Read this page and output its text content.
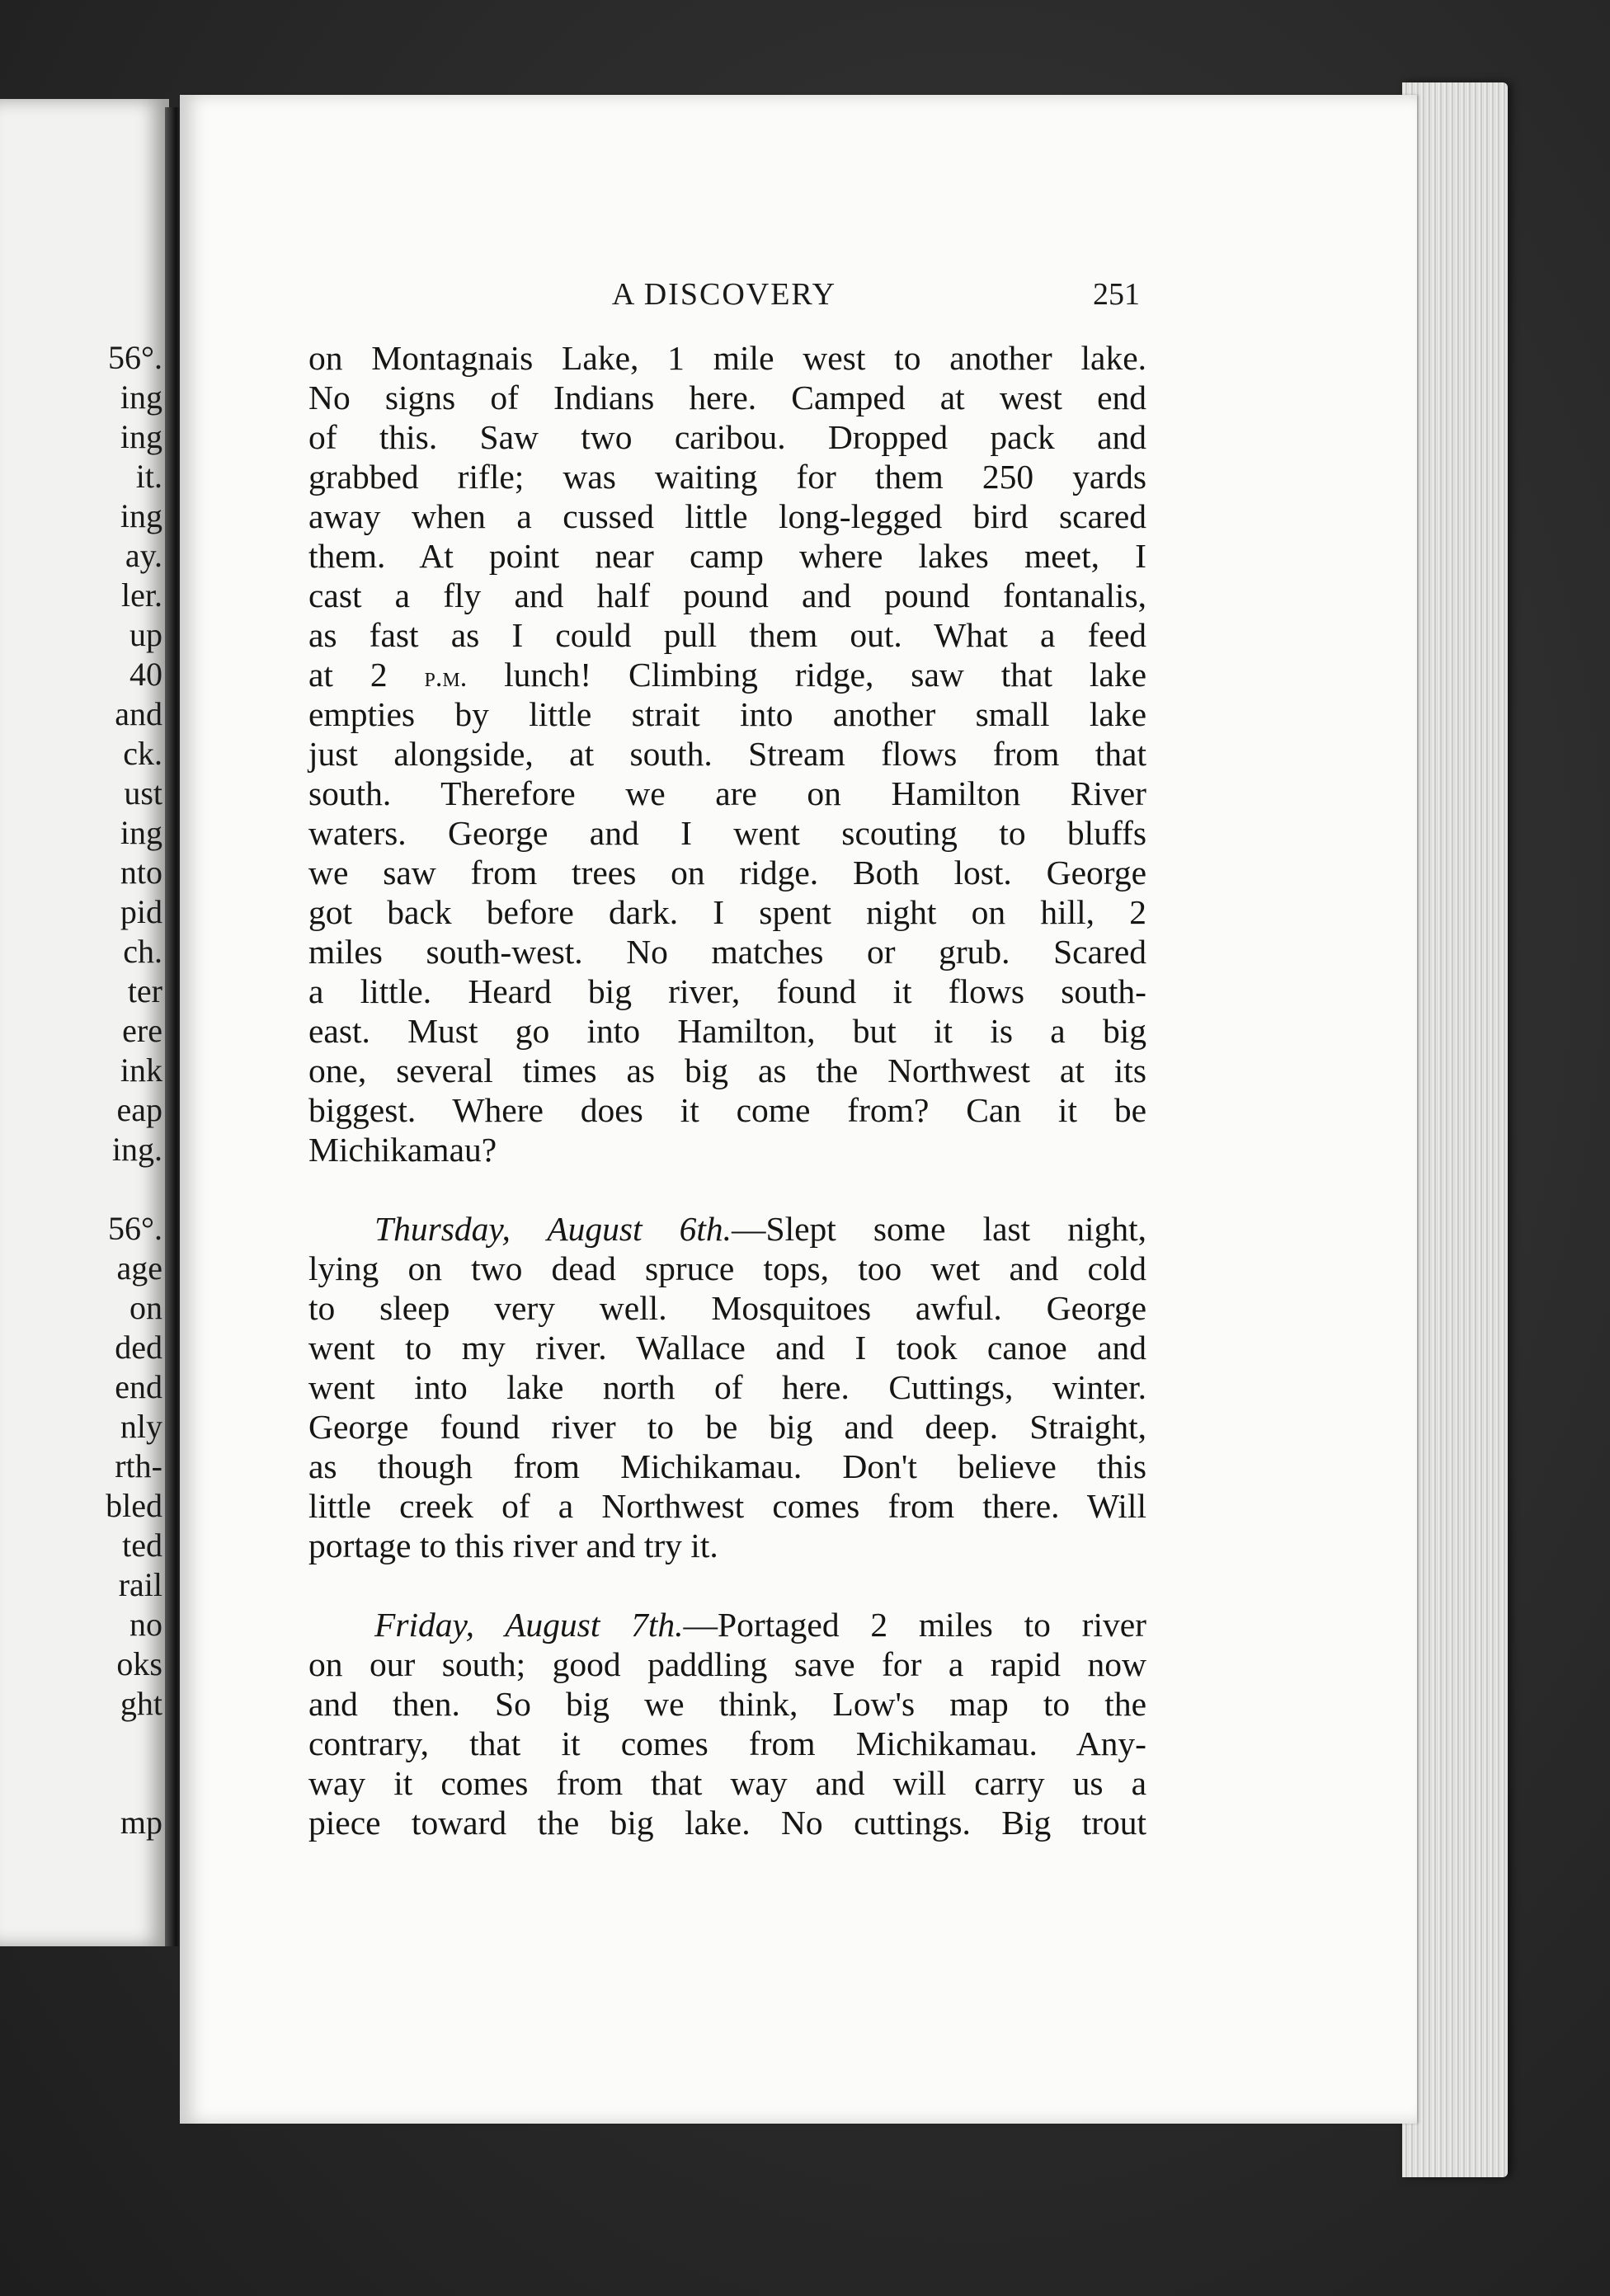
56°.
ing
ing
it.
ing
ay.
ler.
up
40
and
ck.
ust
ing
nto
pid
ch.
ter
ere
ink
eap
ing.
56°.
age
on
ded
end
nly
rth-
bled
ted
rail
no
oks
ght
mp
A DISCOVERY	251
on Montagnais Lake, 1 mile west to another lake.
No signs of Indians here. Camped at west end
of this. Saw two caribou. Dropped pack and
grabbed rifle; was waiting for them 250 yards
away when a cussed little long-legged bird scared
them. At point near camp where lakes meet, I
cast a fly and half pound and pound fontanalis,
as fast as I could pull them out. What a feed
at 2 p.m. lunch! Climbing ridge, saw that lake
empties by little strait into another small lake
just alongside, at south. Stream flows from that
south. Therefore we are on Hamilton River
waters. George and I went scouting to bluffs
we saw from trees on ridge. Both lost. George
got back before dark. I spent night on hill, 2
miles south-west. No matches or grub. Scared
a little. Heard big river, found it flows south-
east. Must go into Hamilton, but it is a big
one, several times as big as the Northwest at its
biggest. Where does it come from? Can it be
Michikamau?
Thursday, August 6th.—Slept some last night,
lying on two dead spruce tops, too wet and cold
to sleep very well. Mosquitoes awful. George
went to my river. Wallace and I took canoe and
went into lake north of here. Cuttings, winter.
George found river to be big and deep. Straight,
as though from Michikamau. Don't believe this
little creek of a Northwest comes from there. Will
portage to this river and try it.
Friday, August 7th.—Portaged 2 miles to river
on our south; good paddling save for a rapid now
and then. So big we think, Low's map to the
contrary, that it comes from Michikamau. Any-
way it comes from that way and will carry us a
piece toward the big lake. No cuttings. Big trout
